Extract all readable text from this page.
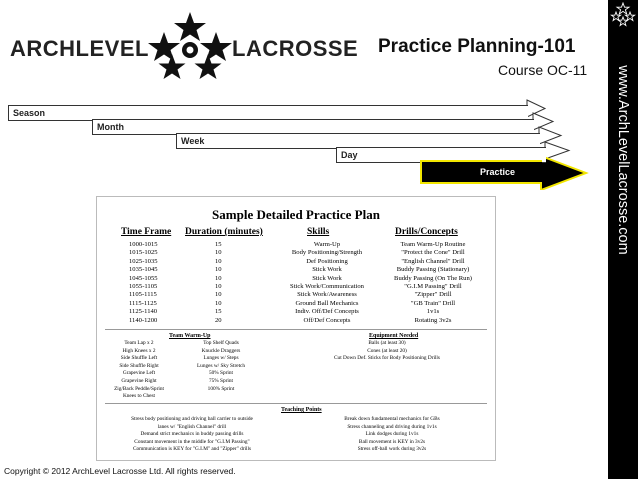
www.ArchLevelLacrosse.com
ARCHLEVEL	LACROSSE Practice Planning-101
Course OC-11
Season
Month
Week
Day
Practice
Sample Detailed Practice Plan
Time Frame Duration (minutes)	Skills	Drills/Concepts
1000-1015	15	Warm-Up	Team Warm-Up Routine
1015-1025	10	Body Positioning/Strength	"Protect the Cone" Drill
1025-1035	10	Def Positioning	"English Channel" Drill
1035-1045	10	Stick Work	Buddy Passing (Stationary)
1045-1055	10	Stick Work	Buddy Passing (On The Run)
1055-1105	10	Stick Work/Communication	"G.I.M Passing" Drill
1105-1115	10	Stick Work/Awareness	"Zipper" Drill
1115-1125	10	Ground Ball Mechanics	"GB Train" Drill
1125-1140	15	Indiv. Off/Def Concepts	1v1s
1140-1200	20	Off/Def Concepts	Rotating 3v2s
Team Warm-Up
Team Lap x 2
High Knees x 2
Side Shuffle Left
Side Shuffle Right
Grapevine Left
Grapevine Right
Zig/Back Peddle/Sprint
Knees to Chest
Top Shelf Quads
Knuckle Draggers
Lunges w/ Steps
Lunges w/ Sky Stretch
50% Sprint
75% Sprint
100% Sprint
Equipment Needed
Balls (at least 30)
Cones (at least 20)
Cut Down Def. Sticks for Body Positioning Drills
Teaching Points
Stress body positioning and driving ball carrier to outside
lanes w/ "English Channel" drill
Demand strict mechanics in buddy passing drills
Constant movement in the middle for "G.I.M Passing"
Communication is KEY for "G.I.M" and "Zipper" drills
Break down fundamental mechanics for GBs
Stress channeling and driving during 1v1s
Link dodges during 1v1s
Ball movement is KEY in 3v2s
Stress off-ball work during 3v2s
Copyright © 2012 ArchLevel Lacrosse Ltd. All rights reserved.
